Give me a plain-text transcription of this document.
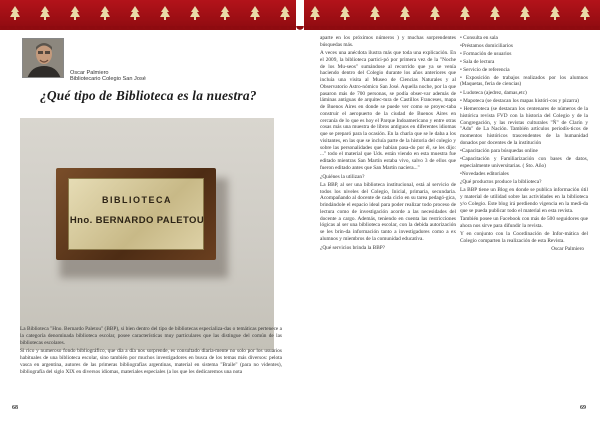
Oscar Palmiero
Bibliotecario Colegio San José
¿Qué tipo de Biblioteca es la nuestra?
BIBLIOTECA
Hno. BERNARDO PALETOU

La Biblioteca "Hno. Bernardo Paletou" (BBP), si bien dentro del tipo de bibliotecas especializa-das o temáticas pertenece a la categoría denominada biblioteca escolar, posee características muy particulares que las distingue del común de las bibliotecas escolares.

Si rico y numeroso fondo bibliográfico, que día a día nos sorprende, es consultado diaria-mente no solo por los usuarios habituales de una biblioteca escolar, sino también por muchos investigadores en busca de los temas más diversos: pelota vasca en argentina, autores de las primeras bibliografías argentinas, material en sistema "Braile" (para no videntes), bibliografía del siglo XIX en diversos idiomas, materiales especiales (a los que les dedicaremos una nota

68

aparte en los próximos números ) y muchas sorprendentes búsquedas más.

A veces una anécdota ilustra más que toda una explicación. En el 2009, la biblioteca partici-pó por primera vez de la "Noche de los Mu-seos" sumándose al recorrido que ya se venía haciendo dentro del Colegio durante los años anteriores que incluía una visita al Museo de Ciencias Naturales y al Observatorio Astro-nómico San José. Aquella noche, por la que pasaron más de 700 personas, se podía obser-var además de láminas antiguas de arquitec-tura de Castillos Franceses, mapa de Buenos Aires en donde se puede ver como se proyec-taba construir el aeropuerto de la ciudad de Buenos Aires en cercanía de lo que es hoy el Parque Indoamericano y entre otras cosas más una muestra de libros antiguos en diferentes idiomas que se preparó para la ocasión. En la charla que se le daba a los visitantes, en las que se incluía parte de la historia del colegio y sobre las personalidades que habían pasa-do por él, se les dijo: ..." todo el material que Uds. están viendo en esta muestra fue editado mientras San Martín estaba vivo, salvo 3 de ellos que fueron editado antes que San Martín naciera..."

¿Quiénes la utilizan?

La BBP, al ser una biblioteca institucional, está al servicio de todos los niveles del Colegio, Inicial, primaria, secundaria. Acompañando al docente de cada ciclo en su tarea pedagó-gica, brindándole el espacio ideal para poder realizar todo proceso de lectura como de investigación acorde a las necesidades del docente a cargo. Además, teniendo en cuenta las restricciones lógicas al ser una biblioteca escolar, con la debida autorización se les brin-da información tanto a investigadores como a ex alumnos y miembros de la comunidad educativa.

¿Qué servicios brinda la BBP?

• Consulta en sala
•Préstamos domiciliarios
• Formación de usuarios
• Sala de lectura
• Servicio de referencia
• Exposición de trabajos realizados por los alumnos (Maquetas, feria de ciencias)
• Ludoteca (ajedrez, damas,etc)
• Mapoteca (se destacan los mapas históri-cos y pizarra)
• Hemeroteca (se destacan los centenares de números de la histórica revista FVD con la historia del Colegio y de la Congregación, y las revistas culturales "Ñ" de Clarín y "Adn" de La Nación. También artículos periodís-ticos de momentos históricos trascendentes de la humanidad donados por docentes de la institución
•Capacitación para búsquedas online
•Capacitación y Familiarización con bases de datos, especialmente universitarias. ( Sto. Año)
•Novedades editoriales
¿Qué productos produce la biblioteca?
La BBP tiene un Blog en donde se publica información útil y material de utilidad sobre las actividades en la biblioteca y/o Colegio. Este blog irá perdiendo vigencia en la medi-da que se pueda publicar todo el material en esta revista.
También posee un Facebook con más de 500 seguidores que ahora nos sirve para difundir la revista.
Y en conjunto con la Coordinación de Infor-mática del Colegio comparten la realización de esta Revista.
Oscar Palmiero
69
